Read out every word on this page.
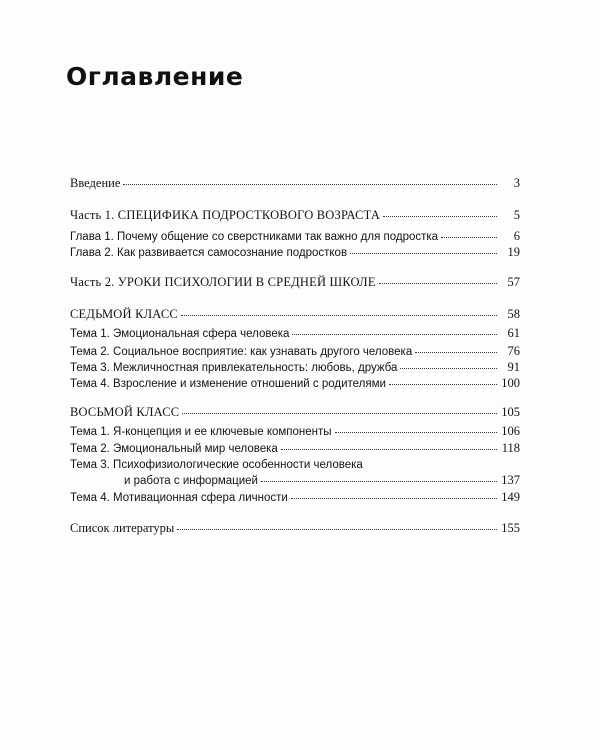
Оглавление
Введение	3
Часть 1. СПЕЦИФИКА ПОДРОСТКОВОГО ВОЗРАСТА	5
Глава 1. Почему общение со сверстниками так важно для подростка	6
Глава 2. Как развивается самосознание подростков	19
Часть 2. УРОКИ ПСИХОЛОГИИ В СРЕДНЕЙ ШКОЛЕ	57
СЕДЬМОЙ КЛАСС	58
Тема 1. Эмоциональная сфера человека	61
Тема 2. Социальное восприятие: как узнавать другого человека	76
Тема 3. Межличностная привлекательность: любовь, дружба	91
Тема 4. Взросление и изменение отношений с родителями	100
ВОСЬМОЙ КЛАСС	105
Тема 1. Я-концепция и ее ключевые компоненты	106
Тема 2. Эмоциональный мир человека	118
Тема 3. Психофизиологические особенности человека
и работа с информацией	137
Тема 4. Мотивационная сфера личности	149
Список литературы	155
